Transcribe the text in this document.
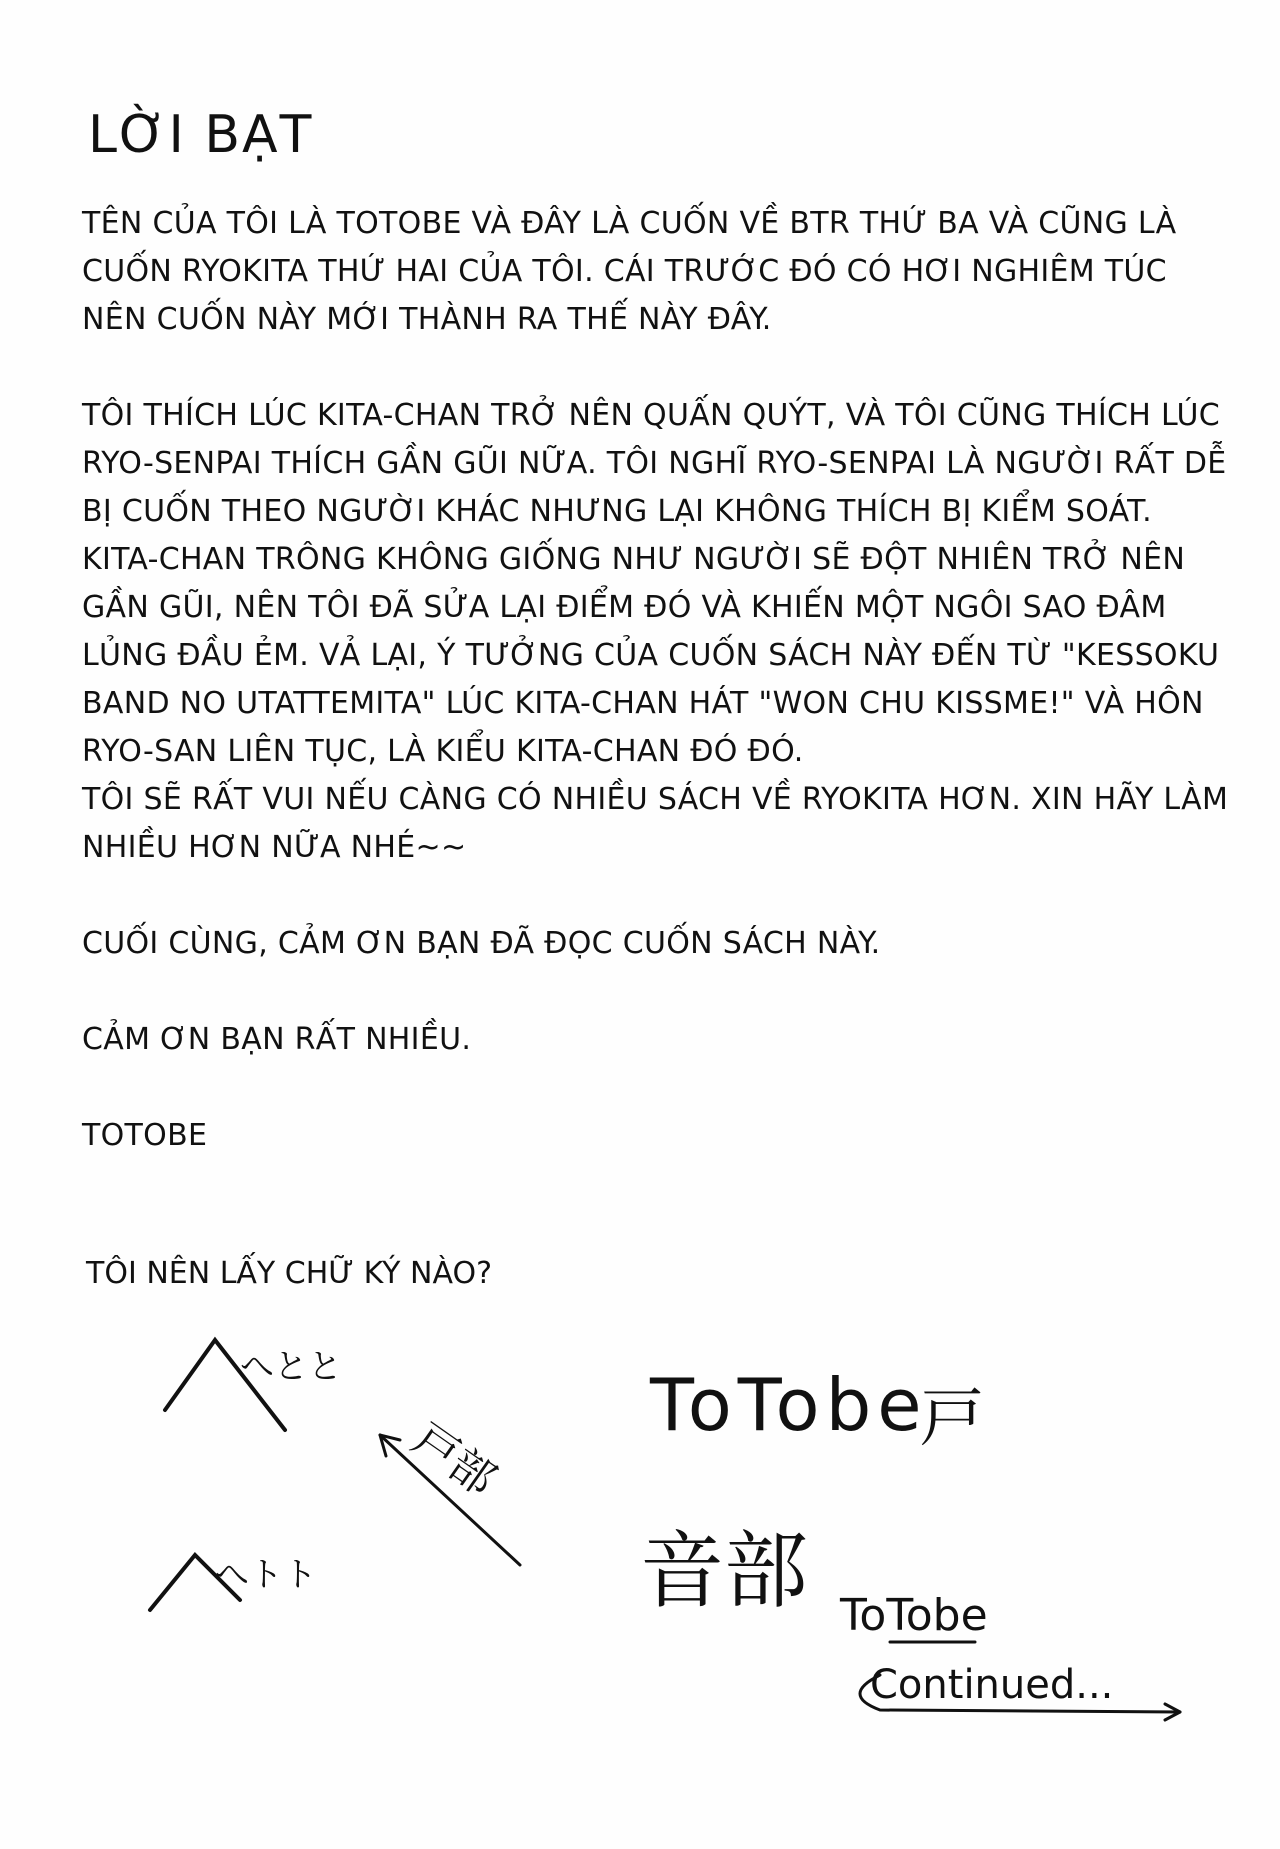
LỜI BẠT

TÊN CỦA TÔI LÀ TOTOBE VÀ ĐÂY LÀ CUỐN VỀ BTR THỨ BA VÀ CŨNG LÀ CUỐN RYOKITA THỨ HAI CỦA TÔI. CÁI TRƯỚC ĐÓ CÓ HƠI NGHIÊM TÚC NÊN CUỐN NÀY MỚI THÀNH RA THẾ NÀY ĐÂY.

TÔI THÍCH LÚC KITA-CHAN TRỞ NÊN QUẤN QUÝT, VÀ TÔI CŨNG THÍCH LÚC RYO-SENPAI THÍCH GẦN GŨI NỮA. TÔI NGHĨ RYO-SENPAI LÀ NGƯỜI RẤT DỄ BỊ CUỐN THEO NGƯỜI KHÁC NHƯNG LẠI KHÔNG THÍCH BỊ KIỂM SOÁT. KITA-CHAN TRÔNG KHÔNG GIỐNG NHƯ NGƯỜI SẼ ĐỘT NHIÊN TRỞ NÊN GẦN GŨI, NÊN TÔI ĐÃ SỬA LẠI ĐIỂM ĐÓ VÀ KHIẾN MỘT NGÔI SAO ĐÂM LỦNG ĐẦU ẺM. VẢ LẠI, Ý TƯỞNG CỦA CUỐN SÁCH NÀY ĐẾN TỪ "KESSOKU BAND NO UTATTEMITA" LÚC KITA-CHAN HÁT "WON CHU KISSME!" VÀ HÔN RYO-SAN LIÊN TỤC, LÀ KIỂU KITA-CHAN ĐÓ ĐÓ.

TÔI SẼ RẤT VUI NẾU CÀNG CÓ NHIỀU SÁCH VỀ RYOKITA HƠN. XIN HÃY LÀM NHIỀU HƠN NỮA NHÉ~~

CUỐI CÙNG, CẢM ƠN BẠN ĐÃ ĐỌC CUỐN SÁCH NÀY.

CẢM ƠN BẠN RẤT NHIỀU.

TOTOBE

TÔI NÊN LẤY CHỮ KÝ NÀO?
へとと
へトト
戸部
ToTobe
戸
音部 ToTobe
Continued...
